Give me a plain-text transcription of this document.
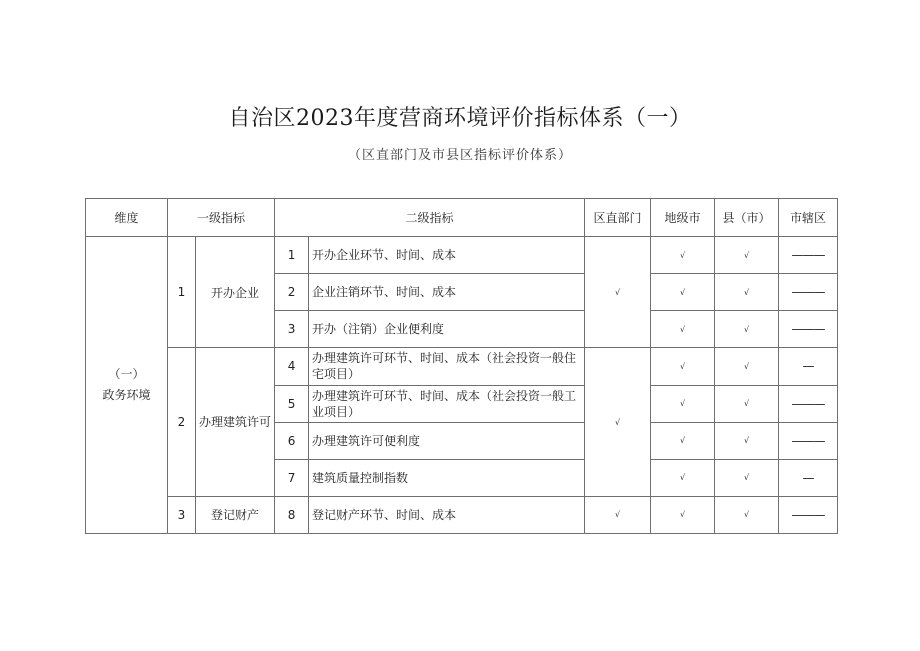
自治区2023年度营商环境评价指标体系（一）
（区直部门及市县区指标评价体系）
维度	一级指标		二级指标		区直部门	地级市	县（市）	市辖区

（一）
政务环境	1	开办企业	1	开办企业环节、时间、成本	√	√	√	———
			2	企业注销环节、时间、成本		√	√	———
			3	开办（注销）企业便利度		√	√	———
	2	办理建筑许可	4	办理建筑许可环节、时间、成本（社会投资一般住宅项目）	√	√	√	—
			5	办理建筑许可环节、时间、成本（社会投资一般工业项目）		√	√	———
			6	办理建筑许可便利度		√	√	———
			7	建筑质量控制指数		√	√	—
	3	登记财产	8	登记财产环节、时间、成本	√	√	√	———
